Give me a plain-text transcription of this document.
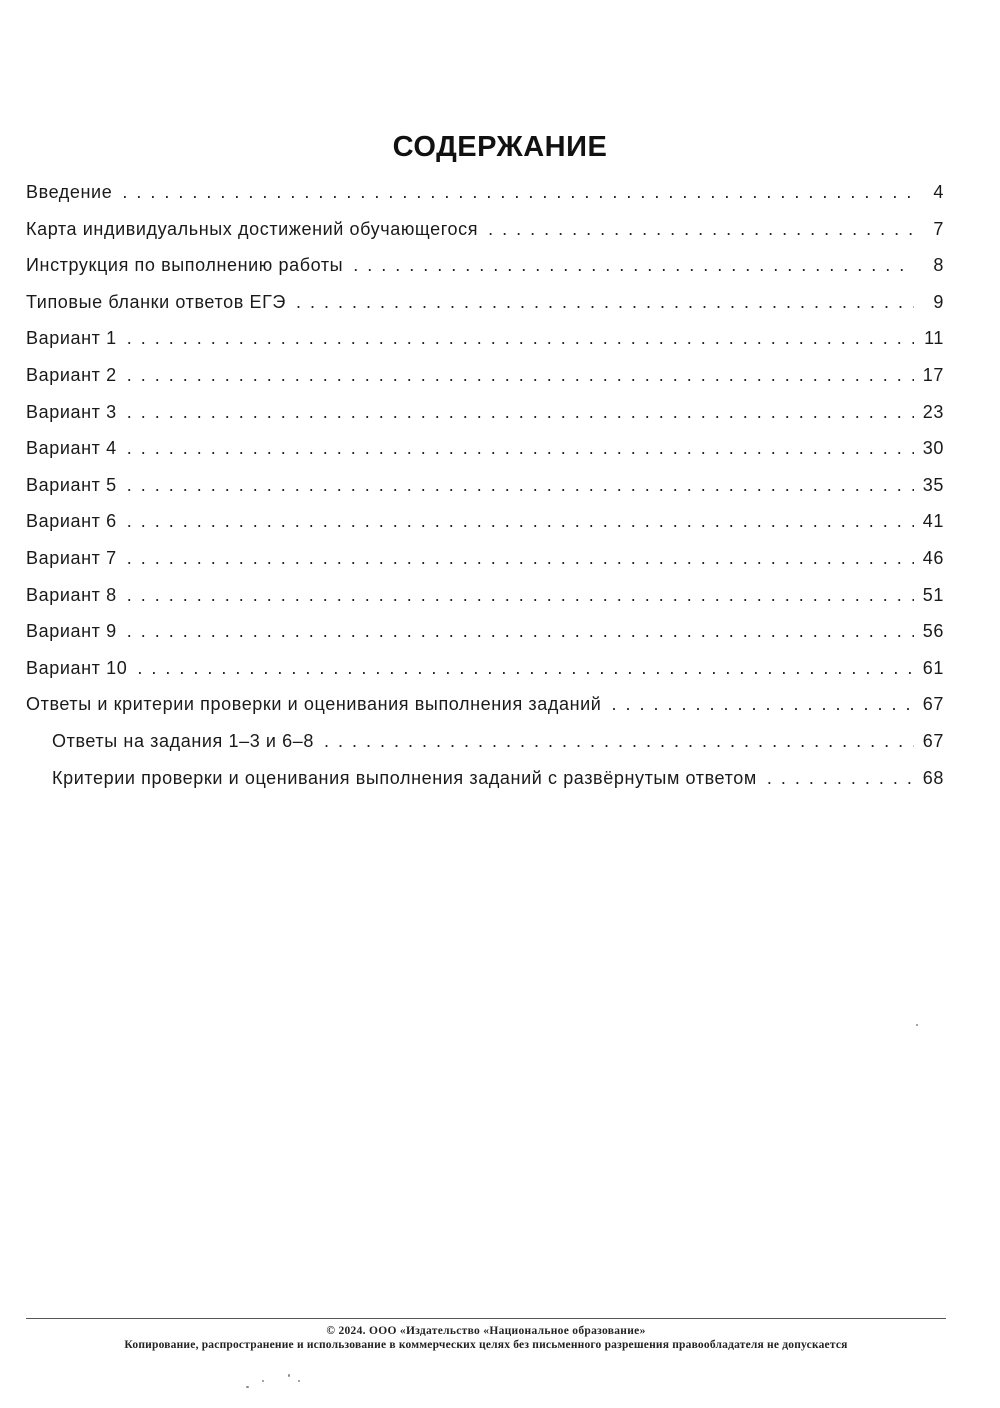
СОДЕРЖАНИЕ
Введение . . .	4
Карта индивидуальных достижений обучающегося . . .	7
Инструкция по выполнению работы . . .	8
Типовые бланки ответов ЕГЭ . . .	9
Вариант 1 . . .	11
Вариант 2 . . .	17
Вариант 3 . . .	23
Вариант 4 . . .	30
Вариант 5 . . .	35
Вариант 6 . . .	41
Вариант 7 . . .	46
Вариант 8 . . .	51
Вариант 9 . . .	56
Вариант 10 . . .	61
Ответы и критерии проверки и оценивания выполнения заданий . . .	67
Ответы на задания 1–3 и 6–8 . . .	67
Критерии проверки и оценивания выполнения заданий с развёрнутым ответом . . .	68
© 2024. ООО «Издательство «Национальное образование»
Копирование, распространение и использование в коммерческих целях без письменного разрешения правообладателя не допускается
